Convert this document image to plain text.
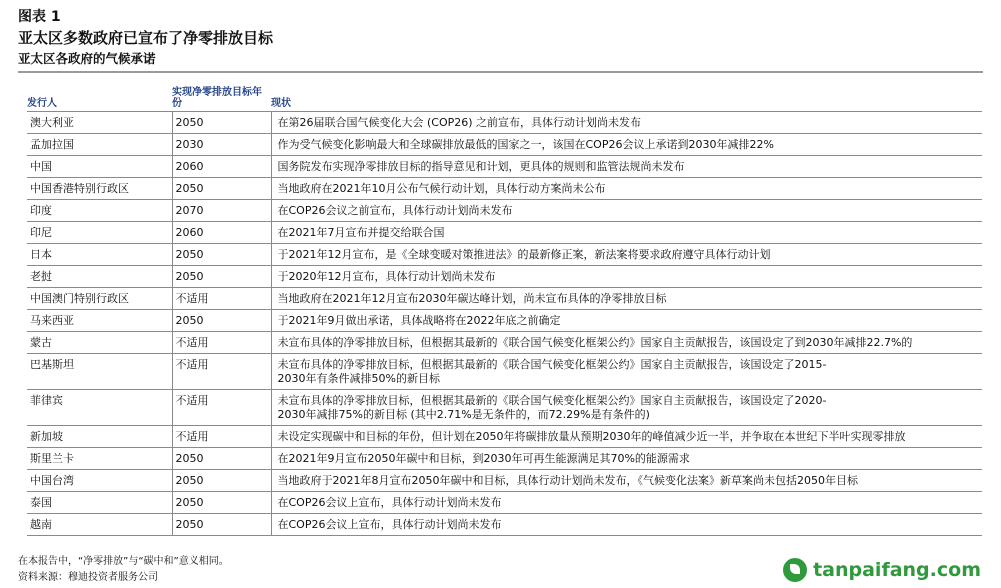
图表 1
亚太区多数政府已宣布了净零排放目标
亚太区各政府的气候承诺
发行人	实现净零排放目标年份	现状
澳大利亚	2050	在第26届联合国气候变化大会 (COP26) 之前宣布，具体行动计划尚未发布
孟加拉国	2030	作为受气候变化影响最大和全球碳排放最低的国家之一，该国在COP26会议上承诺到2030年减排22%
中国	2060	国务院发布实现净零排放目标的指导意见和计划，更具体的规则和监管法规尚未发布
中国香港特别行政区	2050	当地政府在2021年10月公布气候行动计划，具体行动方案尚未公布
印度	2070	在COP26会议之前宣布，具体行动计划尚未发布
印尼	2060	在2021年7月宣布并提交给联合国
日本	2050	于2021年12月宣布，是《全球变暖对策推进法》的最新修正案，新法案将要求政府遵守具体行动计划
老挝	2050	于2020年12月宣布，具体行动计划尚未发布
中国澳门特别行政区	不适用	当地政府在2021年12月宣布2030年碳达峰计划，尚未宣布具体的净零排放目标
马来西亚	2050	于2021年9月做出承诺，具体战略将在2022年底之前确定
蒙古	不适用	未宣布具体的净零排放目标，但根据其最新的《联合国气候变化框架公约》国家自主贡献报告，该国设定了到2030年减排22.7%的
巴基斯坦	不适用	未宣布具体的净零排放目标，但根据其最新的《联合国气候变化框架公约》国家自主贡献报告，该国设定了2015-
2030年有条件减排50%的新目标
菲律宾	不适用	未宣布具体的净零排放目标，但根据其最新的《联合国气候变化框架公约》国家自主贡献报告，该国设定了2020-
2030年减排75%的新目标 (其中2.71%是无条件的，而72.29%是有条件的)
新加坡	不适用	未设定实现碳中和目标的年份，但计划在2050年将碳排放量从预期2030年的峰值减少近一半，并争取在本世纪下半叶实现零排放
斯里兰卡	2050	在2021年9月宣布2050年碳中和目标，到2030年可再生能源满足其70%的能源需求
中国台湾	2050	当地政府于2021年8月宣布2050年碳中和目标，具体行动计划尚未发布，《气候变化法案》新草案尚未包括2050年目标
泰国	2050	在COP26会议上宣布，具体行动计划尚未发布
越南	2050	在COP26会议上宣布，具体行动计划尚未发布
在本报告中，“净零排放”与“碳中和”意义相同。
资料来源：穆迪投资者服务公司	tanpaifang.com
